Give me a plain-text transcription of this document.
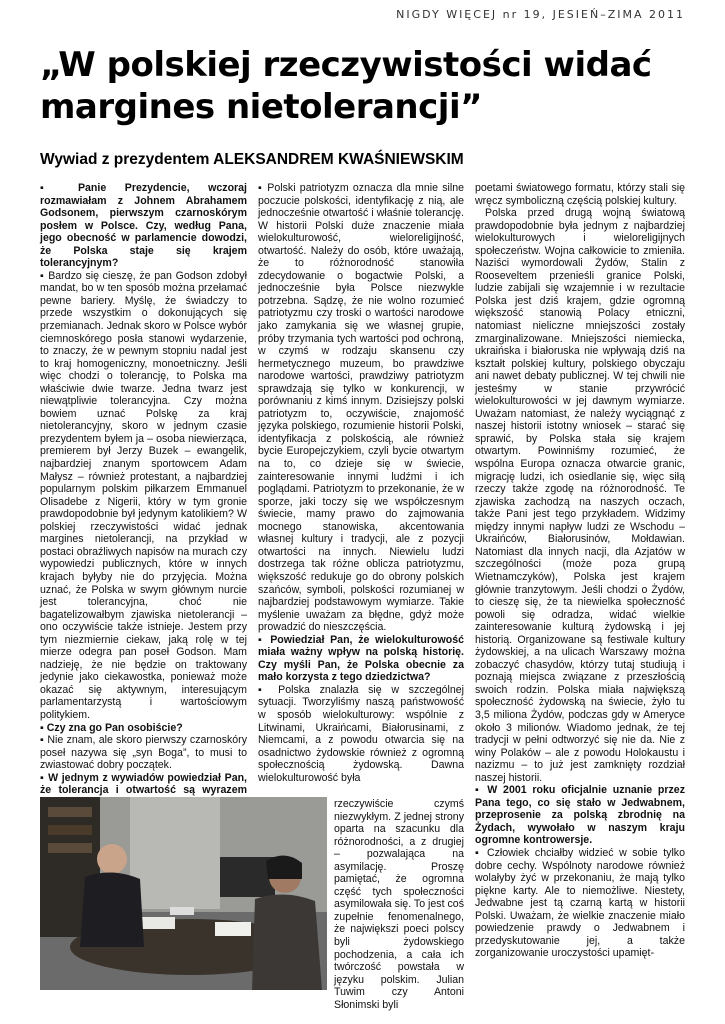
NIGDY WIĘCEJ nr 19, JESIEŃ–ZIMA 2011
„W polskiej rzeczywistości widać margines nietolerancji”
Wywiad z prezydentem ALEKSANDREM KWAŚNIEWSKIM

▪ Panie Prezydencie, wczoraj rozmawiałam z Johnem Abrahamem Godsonem, pierwszym czarnoskórym posłem w Polsce. Czy, według Pana, jego obecność w parlamencie dowodzi, że Polska staje się krajem tolerancyjnym?

▪ Bardzo się cieszę, że pan Godson zdobył mandat, bo w ten sposób można przełamać pewne bariery. Myślę, że świadczy to przede wszystkim o dokonujących się przemianach. Jednak skoro w Polsce wybór ciemnoskórego posła stanowi wydarzenie, to znaczy, że w pewnym stopniu nadal jest to kraj homogeniczny, monoetniczny. Jeśli więc chodzi o tolerancję, to Polska ma właściwie dwie twarze. Jedna twarz jest niewątpliwie tolerancyjna. Czy można bowiem uznać Polskę za kraj nietolerancyjny, skoro w jednym czasie prezydentem byłem ja – osoba niewierząca, premierem był Jerzy Buzek – ewangelik, najbardziej znanym sportowcem Adam Małysz – również protestant, a najbardziej popularnym polskim piłkarzem Emmanuel Olisadebe z Nigerii, który w tym gronie prawdopodobnie był jedynym katolikiem? W polskiej rzeczywistości widać jednak margines nietolerancji, na przykład w postaci obraźliwych napisów na murach czy wypowiedzi publicznych, które w innych krajach byłyby nie do przyjęcia. Można uznać, że Polska w swym głównym nurcie jest tolerancyjna, choć nie bagatelizowałbym zjawiska nietolerancji – ono oczywiście także istnieje. Jestem przy tym niezmiernie ciekaw, jaką rolę w tej mierze odegra pan poseł Godson. Mam nadzieję, że nie będzie on traktowany jedynie jako ciekawostka, ponieważ może okazać się aktywnym, interesującym parlamentarzystą i wartościowym politykiem.

▪ Czy zna go Pan osobiście?

▪ Nie znam, ale skoro pierwszy czarnoskóry poseł nazywa się „syn Boga”, to musi to zwiastować dobry początek.

▪ W jednym z wywiadów powiedział Pan, że tolerancja i otwartość są wyrazem

▪ Polski patriotyzm oznacza dla mnie silne poczucie polskości, identyfikację z nią, ale jednocześnie otwartość i właśnie tolerancję. W historii Polski duże znaczenie miała wielokulturowość, wieloreligijność, otwartość. Należy do osób, które uważają, że to różnorodność stanowiła zdecydowanie o bogactwie Polski, a jednocześnie była Polsce niezwykle potrzebna. Sądzę, że nie wolno rozumieć patriotyzmu czy troski o wartości narodowe jako zamykania się we własnej grupie, próby trzymania tych wartości pod ochroną, w czymś w rodzaju skansenu czy hermetycznego muzeum, bo prawdziwe narodowe wartości, prawdziwy patriotyzm sprawdzają się tylko w konkurencji, w porównaniu z kimś innym. Dzisiejszy polski patriotyzm to, oczywiście, znajomość języka polskiego, rozumienie historii Polski, identyfikacja z polskością, ale również bycie Europejczykiem, czyli bycie otwartym na to, co dzieje się w świecie, zainteresowanie innymi ludźmi i ich poglądami. Patriotyzm to przekonanie, że w sporze, jaki toczy się we współczesnym świecie, mamy prawo do zajmowania mocnego stanowiska, akcentowania własnej kultury i tradycji, ale z pozycji otwartości na innych. Niewielu ludzi dostrzega tak różne oblicza patriotyzmu, większość redukuje go do obrony polskich szańców, symboli, polskości rozumianej w najbardziej podstawowym wymiarze. Takie myślenie uważam za błędne, gdyż może prowadzić do nieszczęścia.

▪ Powiedział Pan, że wielokulturowość miała ważny wpływ na polską historię. Czy myśli Pan, że Polska obecnie za mało korzysta z tego dziedzictwa?

▪ Polska znalazła się w szczególnej sytuacji. Tworzyliśmy naszą państwowość w sposób wielokulturowy: wspólnie z Litwinami, Ukraińcami, Białorusinami, z Niemcami, a z powodu otwarcia się na osadnictwo żydowskie również z ogromną społecznością żydowską. Dawna wielokulturowość była

rzeczywiście czymś niezwykłym. Z jednej strony oparta na szacunku dla różnorodności, a z drugiej – pozwalająca na asymilację. Proszę pamiętać, że ogromna część tych społeczności asymilowała się. To jest coś zupełnie fenomenalnego, że największi poeci polscy byli żydowskiego pochodzenia, a cała ich twórczość powstała w języku polskim. Julian Tuwim czy Antoni Słonimski byli

poetami światowego formatu, którzy stali się wręcz symboliczną częścią polskiej kultury.

Polska przed drugą wojną światową prawdopodobnie była jednym z najbardziej wielokulturowych i wieloreligijnych społeczeństw. Wojna całkowicie to zmieniła. Naziści wymordowali Żydów, Stalin z Rooseveltem przenieśli granice Polski, ludzie zabijali się wzajemnie i w rezultacie Polska jest dziś krajem, gdzie ogromną większość stanowią Polacy etniczni, natomiast nieliczne mniejszości zostały zmarginalizowane. Mniejszości niemiecka, ukraińska i białoruska nie wpływają dziś na kształt polskiej kultury, polskiego obyczaju ani nawet debaty publicznej. W tej chwili nie jesteśmy w stanie przywrócić wielokulturowości w jej dawnym wymiarze. Uważam natomiast, że należy wyciągnąć z naszej historii istotny wniosek – starać się sprawić, by Polska stała się krajem otwartym. Powinniśmy rozumieć, że wspólna Europa oznacza otwarcie granic, migrację ludzi, ich osiedlanie się, więc siłą rzeczy także zgodę na różnorodność. Te zjawiska zachodzą na naszych oczach, także Pani jest tego przykładem. Widzimy między innymi napływ ludzi ze Wschodu – Ukraińców, Białorusinów, Mołdawian. Natomiast dla innych nacji, dla Azjatów w szczególności (może poza grupą Wietnamczyków), Polska jest krajem głównie tranzytowym. Jeśli chodzi o Żydów, to cieszę się, że ta niewielka społeczność powoli się odradza, widać wielkie zainteresowanie kulturą żydowską i jej historią. Organizowane są festiwale kultury żydowskiej, a na ulicach Warszawy można zobaczyć chasydów, którzy tutaj studiują i poznają miejsca związane z przeszłością swoich rodzin. Polska miała największą społeczność żydowską na świecie, żyło tu 3,5 miliona Żydów, podczas gdy w Ameryce około 3 milionów. Wiadomo jednak, że tej tradycji w pełni odtworzyć się nie da. Nie z winy Polaków – ale z powodu Holokaustu i nazizmu – to już jest zamknięty rozdział naszej historii.

▪ W 2001 roku oficjalnie uznanie przez Pana tego, co się stało w Jedwabnem, przeprosenie za polską zbrodnię na Żydach, wywołało w naszym kraju ogromne kontrowersje.

▪ Człowiek chciałby widzieć w sobie tylko dobre cechy. Wspólnoty narodowe również wolałyby żyć w przekonaniu, że mają tylko piękne karty. Ale to niemożliwe. Niestety, Jedwabne jest tą czarną kartą w historii Polski. Uważam, że wielkie znaczenie miało powiedzenie prawdy o Jedwabnem i przedyskutowanie jej, a także zorganizowanie uroczystości upamięt-
